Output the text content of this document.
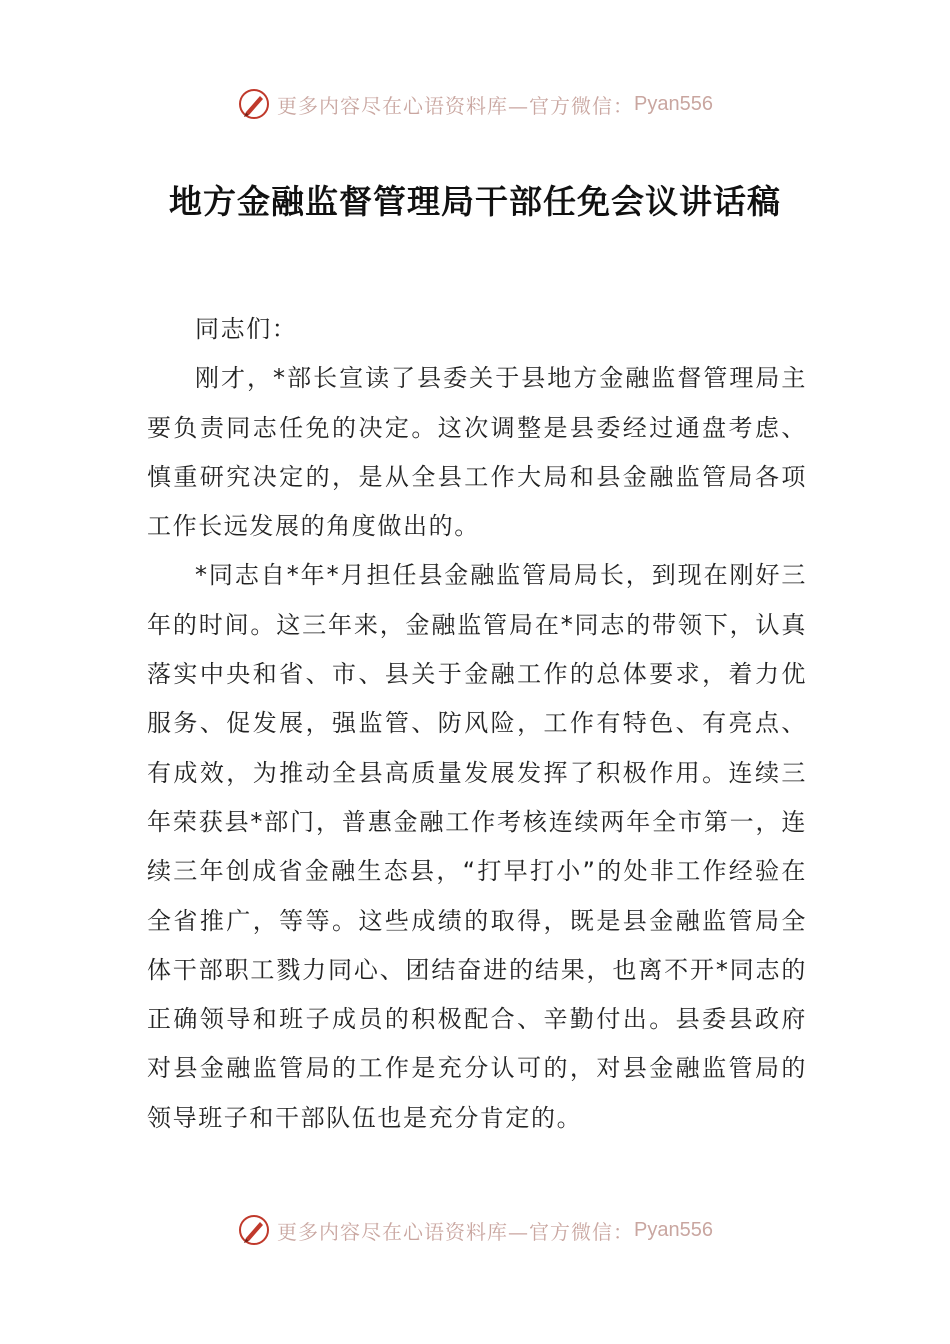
更多内容尽在心语资料库—官方微信： Pyan556
地方金融监督管理局干部任免会议讲话稿

同志们：

刚才，*部长宣读了县委关于县地方金融监督管理局主要负责同志任免的决定。这次调整是县委经过通盘考虑、慎重研究决定的，是从全县工作大局和县金融监管局各项工作长远发展的角度做出的。

*同志自*年*月担任县金融监管局局长，到现在刚好三年的时间。这三年来，金融监管局在*同志的带领下，认真落实中央和省、市、县关于金融工作的总体要求，着力优服务、促发展，强监管、防风险，工作有特色、有亮点、有成效，为推动全县高质量发展发挥了积极作用。连续三年荣获县*部门，普惠金融工作考核连续两年全市第一，连续三年创成省金融生态县，“打早打小”的处非工作经验在全省推广，等等。这些成绩的取得，既是县金融监管局全体干部职工戮力同心、团结奋进的结果，也离不开*同志的正确领导和班子成员的积极配合、辛勤付出。县委县政府对县金融监管局的工作是充分认可的，对县金融监管局的领导班子和干部队伍也是充分肯定的。

更多内容尽在心语资料库—官方微信： Pyan556
